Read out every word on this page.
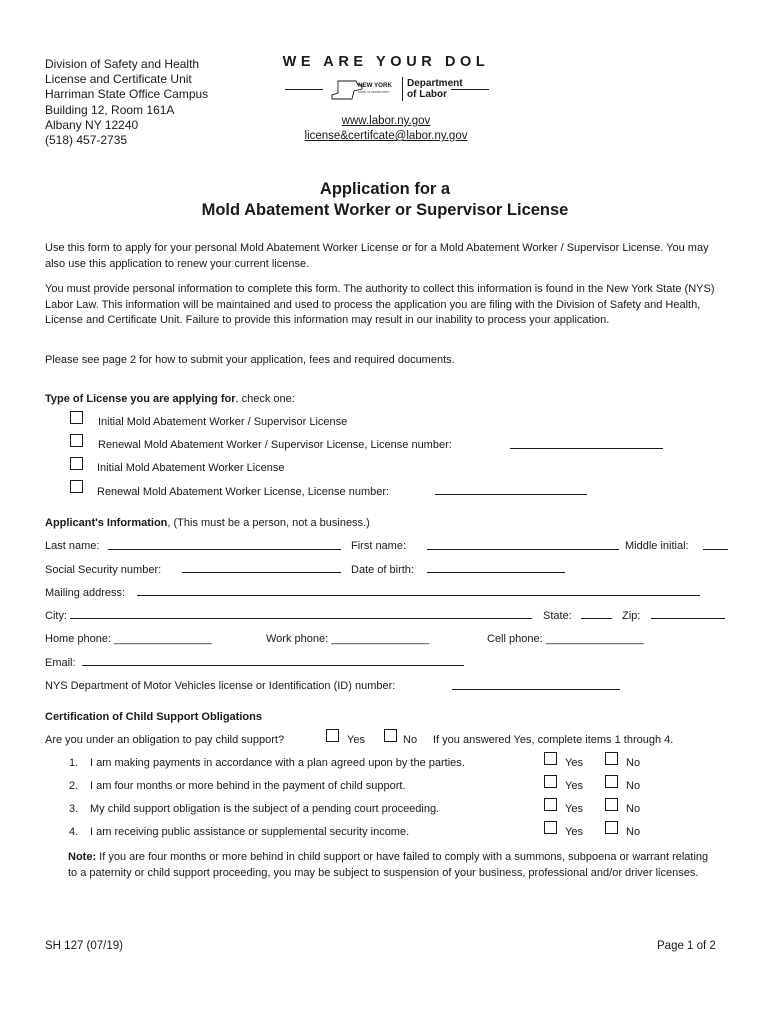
Division of Safety and Health
License and Certificate Unit
Harriman State Office Campus
Building 12, Room 161A
Albany NY 12240
(518) 457-2735
WE ARE YOUR DOL
NEW YORK
STATE OF OPPORTUNITY.
Department
of Labor
www.labor.ny.gov
license&certifcate@labor.ny.gov
Application for a
Mold Abatement Worker or Supervisor License
Use this form to apply for your personal Mold Abatement Worker License or for a Mold Abatement Worker / Supervisor License. You may also use this application to renew your current license.
You must provide personal information to complete this form. The authority to collect this information is found in the New York State (NYS) Labor Law. This information will be maintained and used to process the application you are filing with the Division of Safety and Health, License and Certificate Unit. Failure to provide this information may result in our inability to process your application.
Please see page 2 for how to submit your application, fees and required documents.
Type of License you are applying for, check one:
Initial Mold Abatement Worker / Supervisor License
Renewal Mold Abatement Worker / Supervisor License, License number:
Initial Mold Abatement Worker License
Renewal Mold Abatement Worker License, License number:
Applicant's Information, (This must be a person, not a business.)
Last name:	First name:	Middle initial:
Social Security number:	Date of birth:
Mailing address:
City:	State:	Zip:
Home phone: ________________	Work phone: ________________	Cell phone: ________________
Email:
NYS Department of Motor Vehicles license or Identification (ID) number:
Certification of Child Support Obligations
Are you under an obligation to pay child support?	Yes	No If you answered Yes, complete items 1 through 4.
1. I am making payments in accordance with a plan agreed upon by the parties.	Yes	No
2. I am four months or more behind in the payment of child support.	Yes	No
3. My child support obligation is the subject of a pending court proceeding.	Yes	No
4. I am receiving public assistance or supplemental security income.	Yes	No
Note: If you are four months or more behind in child support or have failed to comply with a summons, subpoena or warrant relating to a paternity or child support proceeding, you may be subject to suspension of your business, professional and/or driver licenses.
SH 127 (07/19)	Page 1 of 2
